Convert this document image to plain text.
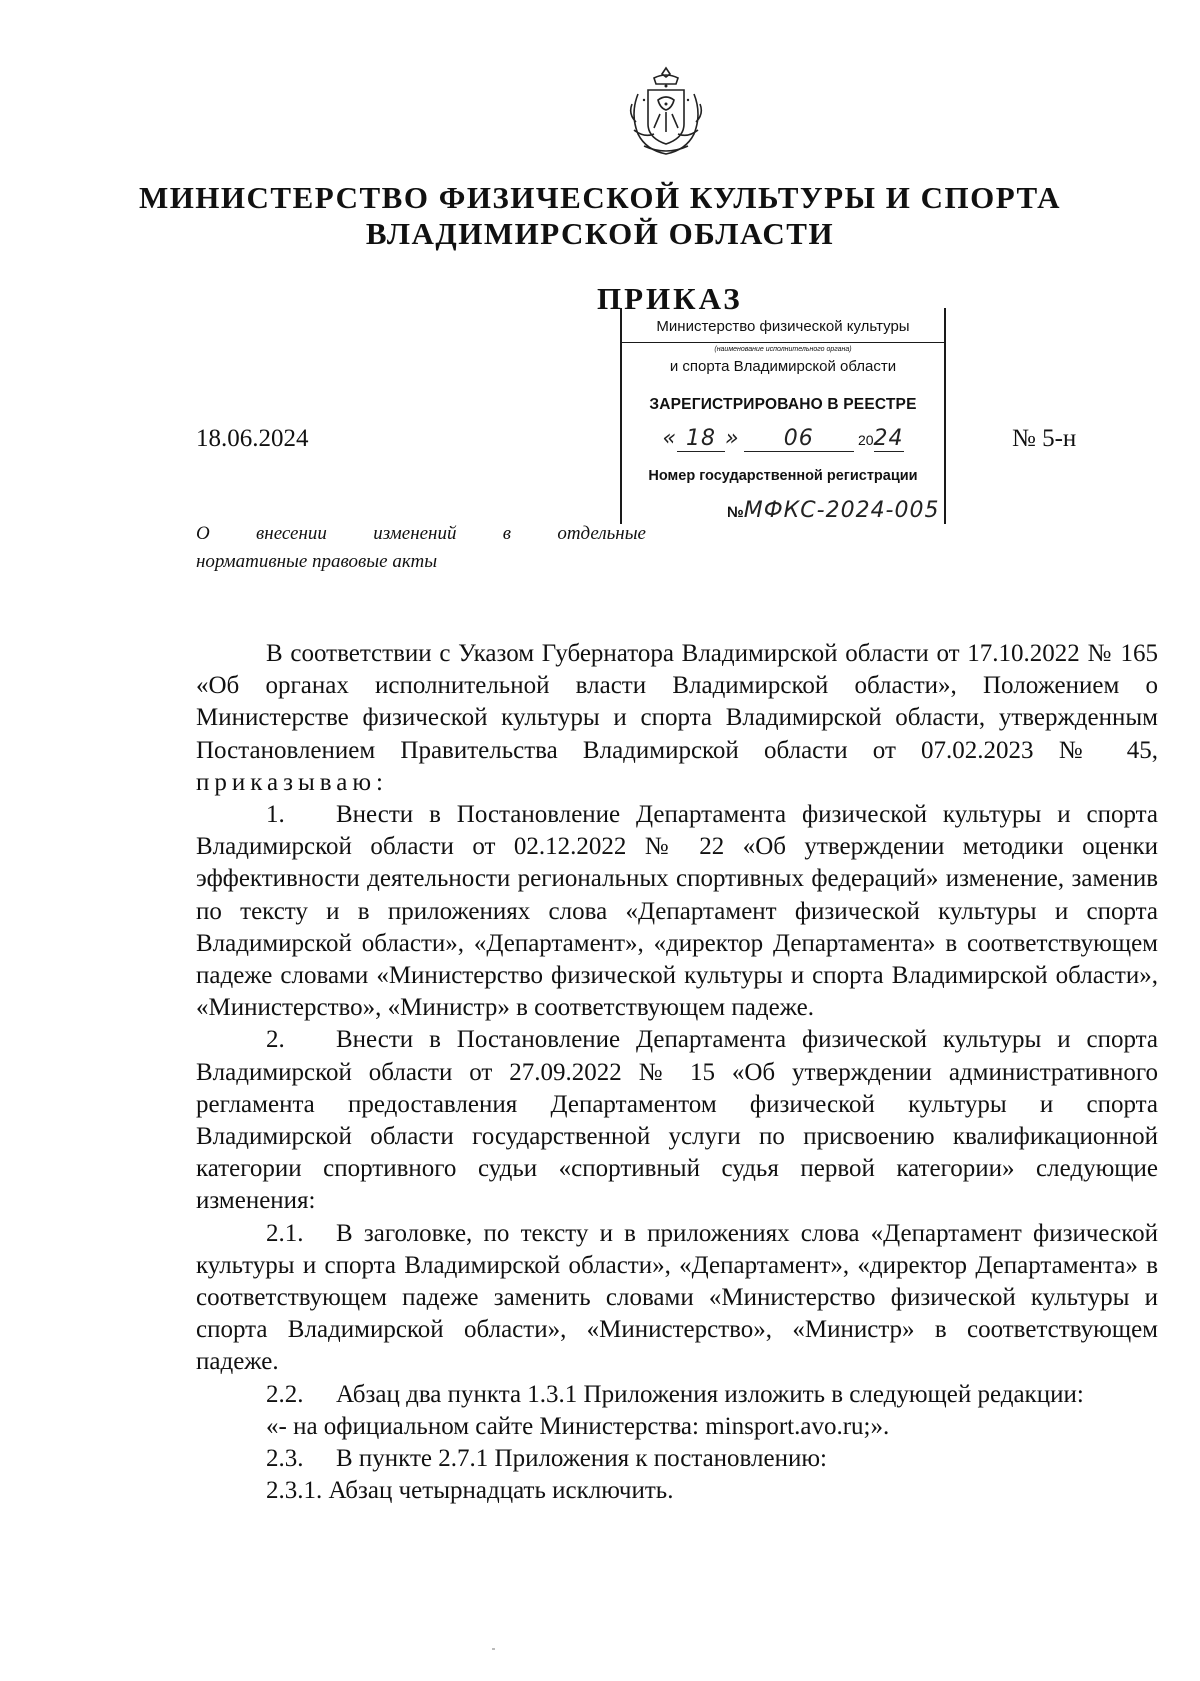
МИНИСТЕРСТВО ФИЗИЧЕСКОЙ КУЛЬТУРЫ И СПОРТА
ВЛАДИМИРСКОЙ ОБЛАСТИ
ПРИКАЗ
18.06.2024	№ 5-н
Министерство физической культуры
(наименование исполнительного органа)
и спорта Владимирской области
ЗАРЕГИСТРИРОВАНО В РЕЕСТРЕ
« 18 » 06	2024
Номер государственной регистрации
№МФКС-2024-005
О внесении изменений в отдельные
нормативные правовые акты

В соответствии с Указом Губернатора Владимирской области от 17.10.2022 № 165 «Об органах исполнительной власти Владимирской области», Положением о Министерстве физической культуры и спорта Владимирской области, утвержденным Постановлением Правительства Владимирской области от 07.02.2023 № 45, приказываю:

1. Внести в Постановление Департамента физической культуры и спорта Владимирской области от 02.12.2022 № 22 «Об утверждении методики оценки эффективности деятельности региональных спортивных федераций» изменение, заменив по тексту и в приложениях слова «Департамент физической культуры и спорта Владимирской области», «Департамент», «директор Департамента» в соответствующем падеже словами «Министерство физической культуры и спорта Владимирской области», «Министерство», «Министр» в соответствующем падеже.

2. Внести в Постановление Департамента физической культуры и спорта Владимирской области от 27.09.2022 № 15 «Об утверждении административного регламента предоставления Департаментом физической культуры и спорта Владимирской области государственной услуги по присвоению квалификационной категории спортивного судьи «спортивный судья первой категории» следующие изменения:

2.1. В заголовке, по тексту и в приложениях слова «Департамент физической культуры и спорта Владимирской области», «Департамент», «директор Департамента» в соответствующем падеже заменить словами «Министерство физической культуры и спорта Владимирской области», «Министерство», «Министр» в соответствующем падеже.

2.2. Абзац два пункта 1.3.1 Приложения изложить в следующей редакции:

«- на официальном сайте Министерства: minsport.avo.ru;».

2.3. В пункте 2.7.1 Приложения к постановлению:

2.3.1. Абзац четырнадцать исключить.
